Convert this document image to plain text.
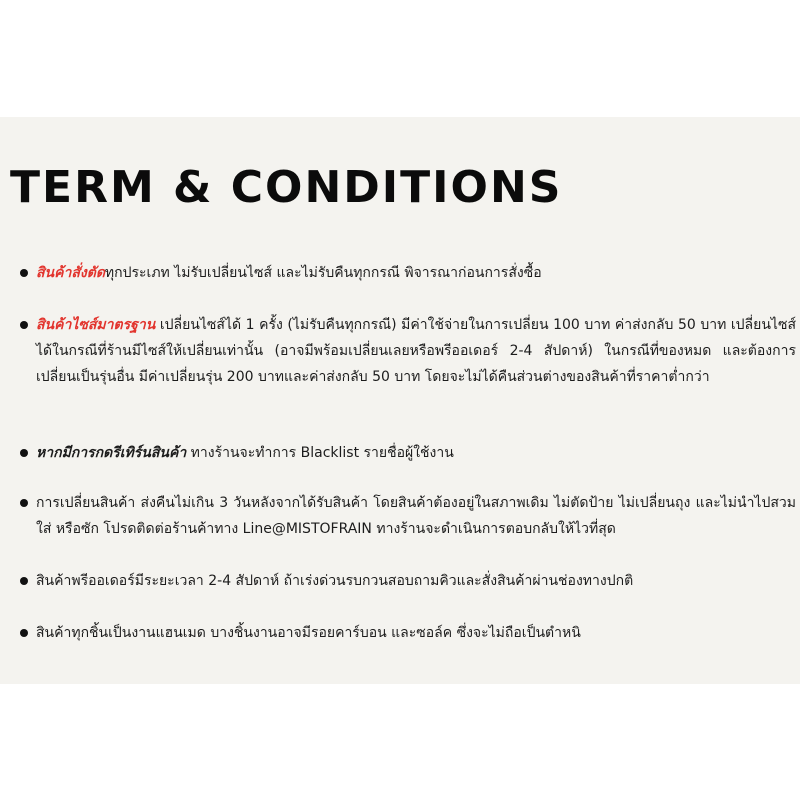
TERM & CONDITIONS

สินค้าสั่งตัดทุกประเภท ไม่รับเปลี่ยนไซส์ และไม่รับคืนทุกกรณี พิจารณาก่อนการสั่งซื้อ

สินค้าไซส์มาตรฐาน เปลี่ยนไซส์ได้ 1 ครั้ง (ไม่รับคืนทุกกรณี) มีค่าใช้จ่ายในการเปลี่ยน 100 บาท ค่าส่งกลับ 50 บาท เปลี่ยนไซส์ได้ในกรณีที่ร้านมีไซส์ให้เปลี่ยนเท่านั้น (อาจมีพร้อมเปลี่ยนเลยหรือพรีออเดอร์ 2-4 สัปดาห์) ในกรณีที่ของหมด และต้องการเปลี่ยนเป็นรุ่นอื่น มีค่าเปลี่ยนรุ่น 200 บาทและค่าส่งกลับ 50 บาท โดยจะไม่ได้คืนส่วนต่างของสินค้าที่ราคาต่ำกว่า

หากมีการกดรีเทิร์นสินค้า ทางร้านจะทำการ Blacklist รายชื่อผู้ใช้งาน

การเปลี่ยนสินค้า ส่งคืนไม่เกิน 3 วันหลังจากได้รับสินค้า โดยสินค้าต้องอยู่ในสภาพเดิม ไม่ตัดป้าย ไม่เปลี่ยนถุง และไม่นำไปสวมใส่ หรือซัก โปรดติดต่อร้านค้าทาง Line@MISTOFRAIN ทางร้านจะดำเนินการตอบกลับให้ไวที่สุด

สินค้าพรีออเดอร์มีระยะเวลา 2-4 สัปดาห์ ถ้าเร่งด่วนรบกวนสอบถามคิวและสั่งสินค้าผ่านช่องทางปกติ

สินค้าทุกชิ้นเป็นงานแฮนเมด บางชิ้นงานอาจมีรอยคาร์บอน และซอล์ค ซึ่งจะไม่ถือเป็นตำหนิ
